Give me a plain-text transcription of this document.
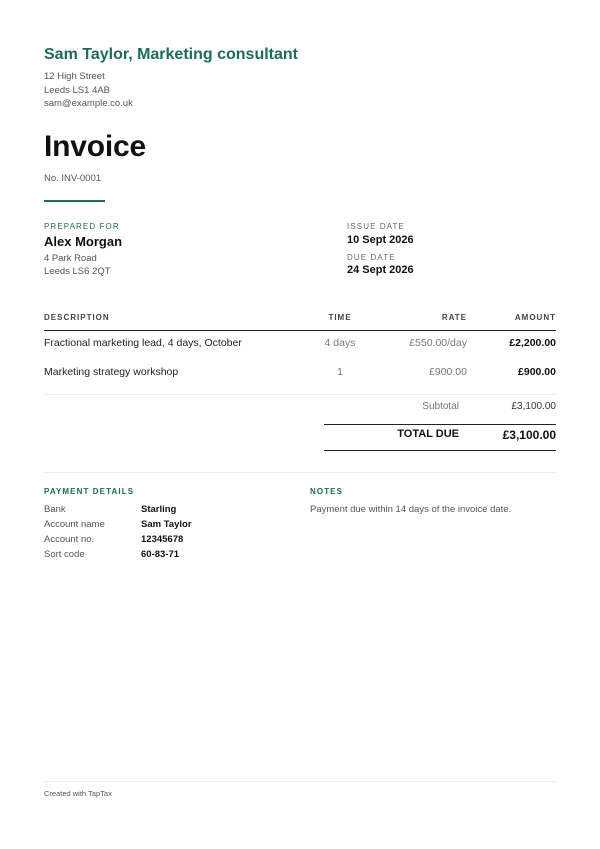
Sam Taylor, Marketing consultant
12 High Street
Leeds LS1 4AB
sam@example.co.uk
Invoice
No. INV-0001
PREPARED FOR
Alex Morgan
4 Park Road
Leeds LS6 2QT
ISSUE DATE
10 Sept 2026
DUE DATE
24 Sept 2026
DESCRIPTION	TIME	RATE	AMOUNT
Fractional marketing lead, 4 days, October	4 days	£550.00/day	£2,200.00
Marketing strategy workshop	1	£900.00	£900.00
Subtotal	£3,100.00
TOTAL DUE	£3,100.00
PAYMENT DETAILS
Bank	Starling
Account name	Sam Taylor
Account no.	12345678
Sort code	60-83-71
NOTES
Payment due within 14 days of the invoice date.
Created with TapTax
